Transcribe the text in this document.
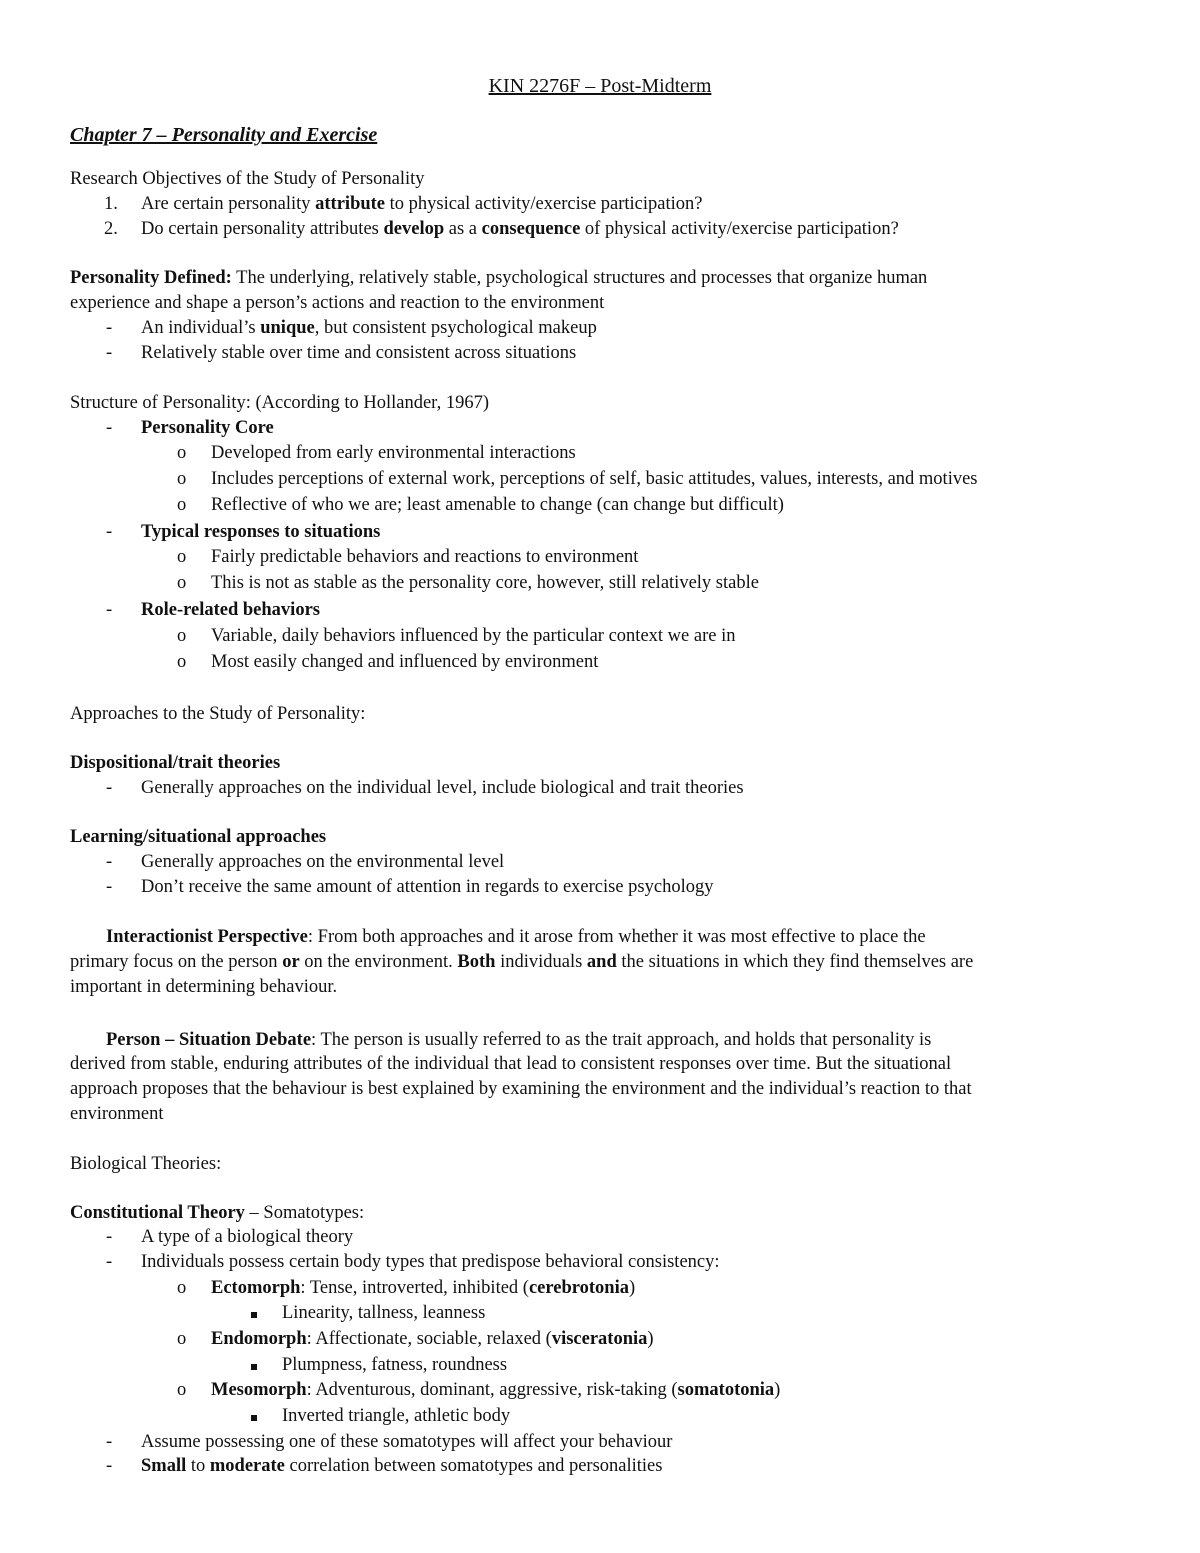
KIN 2276F – Post-Midterm
Chapter 7 – Personality and Exercise
Research Objectives of the Study of Personality
1. Are certain personality attribute to physical activity/exercise participation?
2. Do certain personality attributes develop as a consequence of physical activity/exercise participation?
Personality Defined: The underlying, relatively stable, psychological structures and processes that organize human
experience and shape a person’s actions and reaction to the environment
- An individual’s unique, but consistent psychological makeup
- Relatively stable over time and consistent across situations
Structure of Personality: (According to Hollander, 1967)
- Personality Core
o Developed from early environmental interactions
o Includes perceptions of external work, perceptions of self, basic attitudes, values, interests, and motives
o Reflective of who we are; least amenable to change (can change but difficult)
- Typical responses to situations
o Fairly predictable behaviors and reactions to environment
o This is not as stable as the personality core, however, still relatively stable
- Role-related behaviors
o Variable, daily behaviors influenced by the particular context we are in
o Most easily changed and influenced by environment
Approaches to the Study of Personality:
Dispositional/trait theories
- Generally approaches on the individual level, include biological and trait theories
Learning/situational approaches
- Generally approaches on the environmental level
- Don’t receive the same amount of attention in regards to exercise psychology
Interactionist Perspective: From both approaches and it arose from whether it was most effective to place the
primary focus on the person or on the environment. Both individuals and the situations in which they find themselves are
important in determining behaviour.
Person – Situation Debate: The person is usually referred to as the trait approach, and holds that personality is
derived from stable, enduring attributes of the individual that lead to consistent responses over time. But the situational
approach proposes that the behaviour is best explained by examining the environment and the individual’s reaction to that
environment
Biological Theories:
Constitutional Theory – Somatotypes:
- A type of a biological theory
- Individuals possess certain body types that predispose behavioral consistency:
o Ectomorph: Tense, introverted, inhibited (cerebrotonia)
Linearity, tallness, leanness
o Endomorph: Affectionate, sociable, relaxed (visceratonia)
Plumpness, fatness, roundness
o Mesomorph: Adventurous, dominant, aggressive, risk-taking (somatotonia)
Inverted triangle, athletic body
- Assume possessing one of these somatotypes will affect your behaviour
- Small to moderate correlation between somatotypes and personalities
